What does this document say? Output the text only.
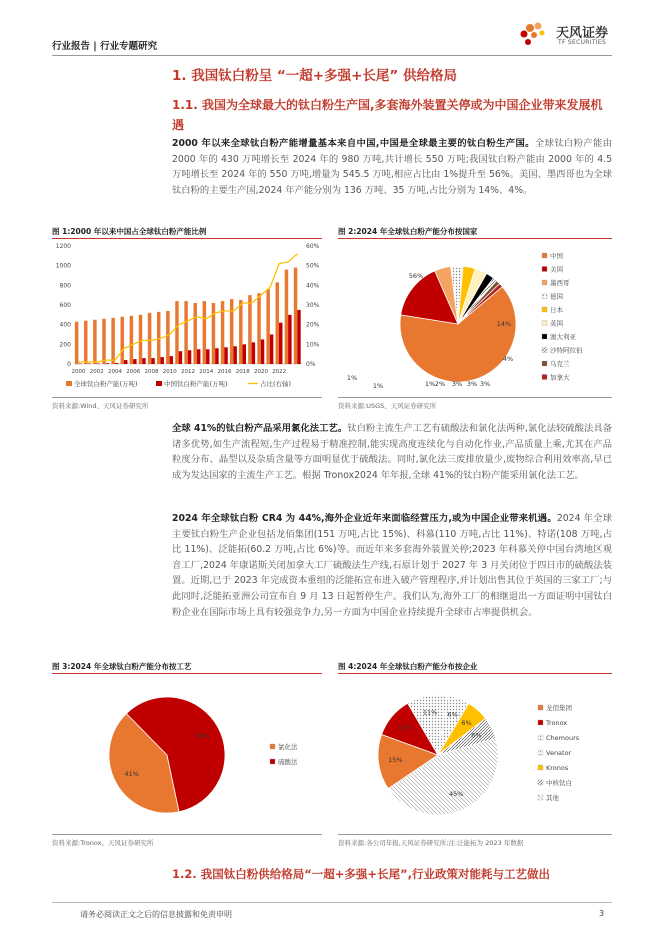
行业报告 | 行业专题研究
天风证券
TF SECURITIES
1. 我国钛白粉呈 “一超+多强+长尾” 供给格局
1.1. 我国为全球最大的钛白粉生产国,多套海外装置关停或为中国企业带来发展机遇
2000 年以来全球钛白粉产能增量基本来自中国,中国是全球最主要的钛白粉生产国。全球钛白粉产能由 2000 年的 430 万吨增长至 2024 年的 980 万吨,共计增长 550 万吨;我国钛白粉产能由 2000 年的 4.5 万吨增长至 2024 年的 550 万吨,增量为 545.5 万吨,相应占比由 1%提升至 56%。美国、墨西哥也为全球钛白粉的主要生产国,2024 年产能分别为 136 万吨、35 万吨,占比分别为 14%、4%。
图 1:2000 年以来中国占全球钛白粉产能比例
0
200
400
600
800
1000
1200
0%
10%
20%
30%
40%
50%
60%
2000 2002 2004 2006 2008 2010 2012 2014 2016 2018 2020 2022
全球钛白粉产能(万吨)	中国钛白粉产能(万吨)	占比(右轴)
资料来源:Wind、天风证券研究所
图 2:2024 年全球钛白粉产能分布按国家
56%
14%
4%
3%
3%
3%
2%
1%
1%
1%
中国
美国
墨西哥
德国
日本
英国
澳大利亚
沙特阿拉伯
乌克兰
加拿大
资料来源:USGS、天风证券研究所
全球 41%的钛白粉产品采用氯化法工艺。钛白粉主流生产工艺有硫酸法和氯化法两种,氯化法较硫酸法具备诸多优势,如生产流程短,生产过程易于精准控制,能实现高度连续化与自动化作业,产品质量上乘,尤其在产品粒度分布、晶型以及杂质含量等方面明显优于硫酸法。同时,氯化法三废排放量少,废物综合利用效率高,早已成为发达国家的主流生产工艺。根据 Tronox2024 年年报,全球 41%的钛白粉产能采用氯化法工艺。
2024 年全球钛白粉 CR4 为 44%,海外企业近年来面临经营压力,或为中国企业带来机遇。2024 年全球主要钛白粉生产企业包括龙佰集团(151 万吨,占比 15%)、科慕(110 万吨,占比 11%)、特诺(108 万吨,占比 11%)、泛能拓(60.2 万吨,占比 6%)等。而近年来多套海外装置关停;2023 年科慕关停中国台湾地区观音工厂,2024 年康诺斯关闭加拿大工厂硫酸法生产线,石原计划于 2027 年 3 月关闭位于四日市的硫酸法装置。近期,已于 2023 年完成资本重组的泛能拓宣布进入破产管理程序,并计划出售其位于英国的三家工厂;与此同时,泛能拓亚洲公司宣布自 9 月 13 日起暂停生产。我们认为,海外工厂的相继退出一方面证明中国钛白粉企业在国际市场上具有较强竞争力,另一方面为中国企业持续提升全球市占率提供机会。
图 3:2024 年全球钛白粉产能分布按工艺
41%
59%
氯化法
硫酸法
资料来源:Tronox、天风证券研究所
图 4:2024 年全球钛白粉产能分布按企业
15%
11%
11% 6%
6%
6%
45%
龙佰集团
Tronox
Chemours
Venator
Kronos
中核钛白
其他
资料来源:各公司年报,天风证券研究所;注:泛能拓为 2023 年数据
1.2. 我国钛白粉供给格局“一超+多强+长尾”,行业政策对能耗与工艺做出
请务必阅读正文之后的信息披露和免责申明	3
